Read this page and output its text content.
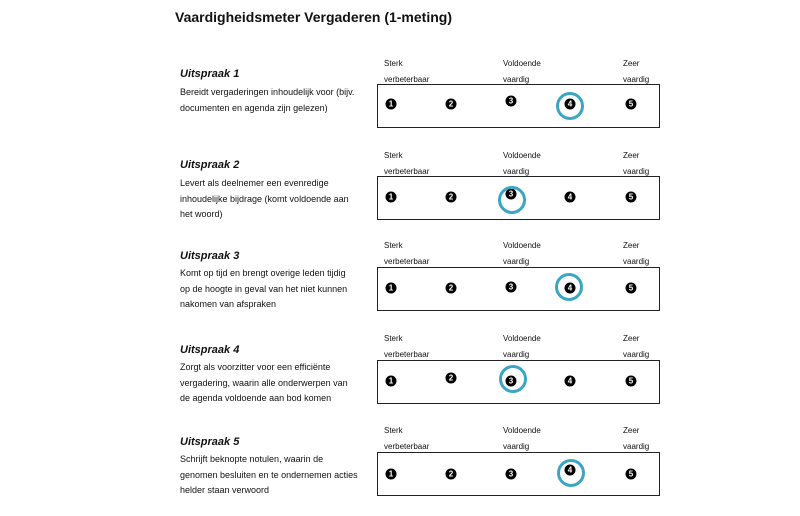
Vaardigheidsmeter Vergaderen (1-meting)
Uitspraak 1
Bereidt vergaderingen inhoudelijk voor (bijv.
documenten en agenda zijn gelezen)
Sterk
verbeterbaar
Voldoende
vaardig
Zeer
vaardig
1	2	3	4	5
Uitspraak 2
Levert als deelnemer een evenredige
inhoudelijke bijdrage (komt voldoende aan
het woord)
Sterk
verbeterbaar
Voldoende
vaardig
Zeer
vaardig
1	2	3	4	5
Uitspraak 3
Komt op tijd en brengt overige leden tijdig
op de hoogte in geval van het niet kunnen
nakomen van afspraken
Sterk
verbeterbaar
Voldoende
vaardig
Zeer
vaardig
1	2	3	4	5
Uitspraak 4
Zorgt als voorzitter voor een efficiënte
vergadering, waarin alle onderwerpen van
de agenda voldoende aan bod komen
Sterk
verbeterbaar
Voldoende
vaardig
Zeer
vaardig
1	2	3	4	5
Uitspraak 5
Schrijft beknopte notulen, waarin de
genomen besluiten en te ondernemen acties
helder staan verwoord
Sterk
verbeterbaar
Voldoende
vaardig
Zeer
vaardig
1	2	3	4	5
